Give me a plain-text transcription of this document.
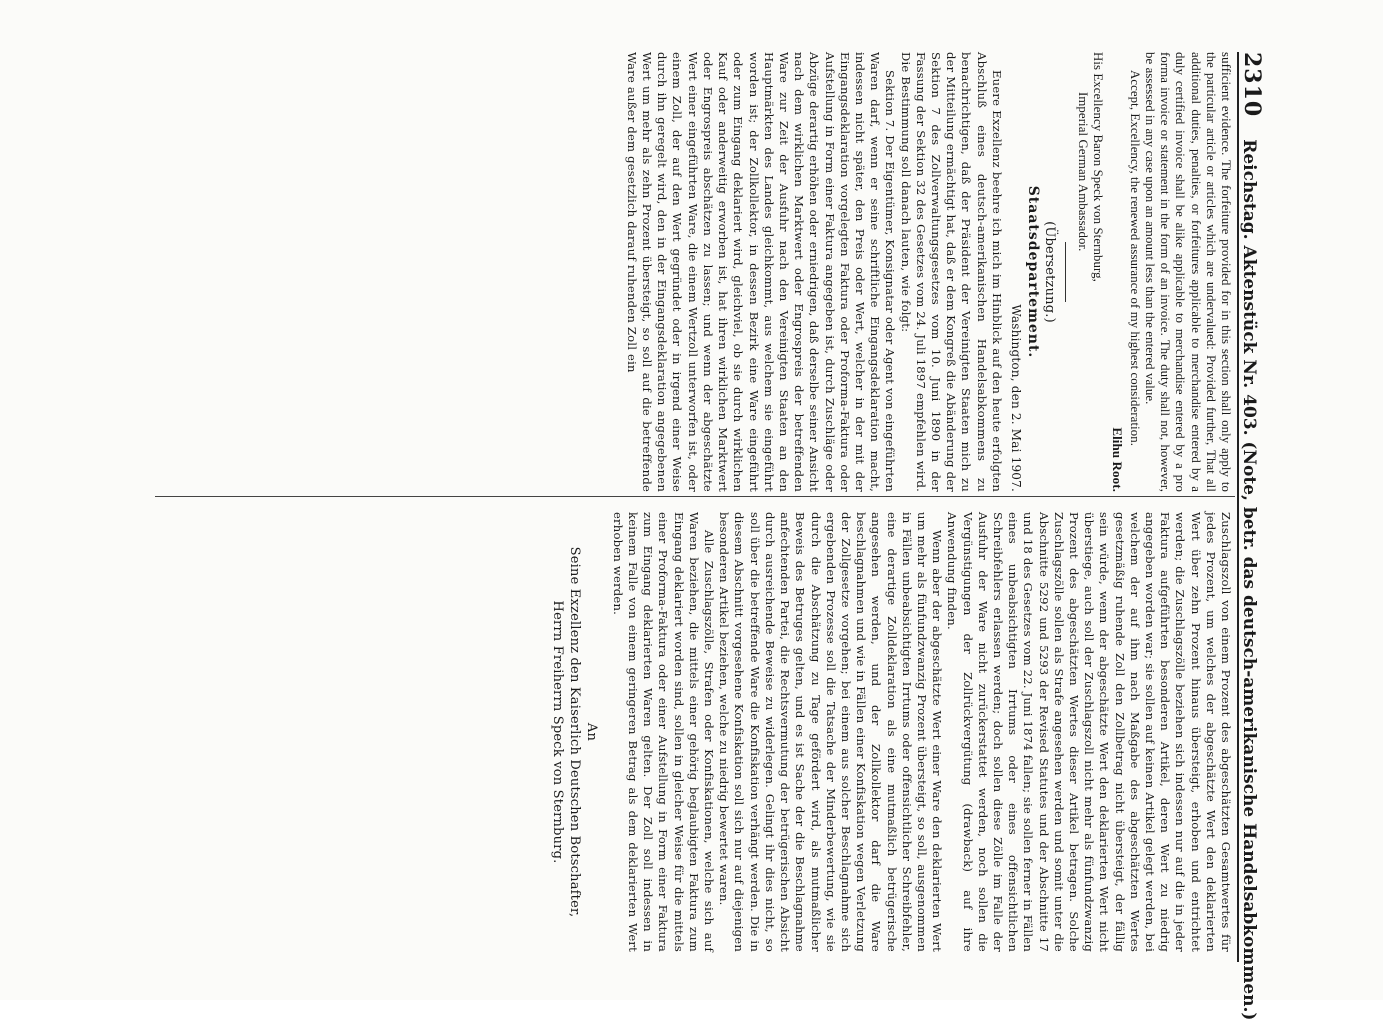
2310
Reichstag. Aktenstück Nr. 403. (Note, betr. das deutsch-amerikanische Handelsabkommen.)

sufficient evidence. The forfeiture provided for in this section shall only apply to the particular article or articles which are undervalued: Provided further, That all additional duties, penalties, or forfeitures applicable to merchandise entered by a duly certified invoice shall be alike applicable to merchandise entered by a pro forma invoice or statement in the form of an invoice. The duty shall not, however, be assessed in any case upon an amount less than the entered value.

Accept, Excellency, the renewed assurance of my highest consideration.

Elihu Root.
His Excellency Baron Speck von Sternburg,
Imperial German Ambassador.
(Übersetzung.)
Staatsdepartement.
Washington, den 2. Mai 1907.

Euere Exzellenz beehre ich mich im Hinblick auf den heute erfolgten Abschluß eines deutsch-amerikanischen Handelsabkommens zu benachrichtigen, daß der Präsident der Vereinigten Staaten mich zu der Mitteilung ermächtigt hat, daß er dem Kongreß die Abänderung der Sektion 7 des Zollverwaltungsgesetzes vom 10. Juni 1890 in der Fassung der Sektion 32 des Gesetzes vom 24. Juli 1897 empfehlen wird. Die Bestimmung soll danach lauten, wie folgt:

Sektion 7. Der Eigentümer, Konsignatar oder Agent von eingeführten Waren darf, wenn er seine schriftliche Eingangsdeklaration macht, indessen nicht später, den Preis oder Wert, welcher in der mit der Eingangsdeklaration vorgelegten Faktura oder Proforma-Faktura oder Aufstellung in Form einer Faktura angegeben ist, durch Zuschläge oder Abzüge derartig erhöhen oder erniedrigen, daß derselbe seiner Ansicht nach dem wirklichen Marktwert oder Engrospreis der betreffenden Ware zur Zeit der Ausfuhr nach den Vereinigten Staaten an den Hauptmärkten des Landes gleichkommt, aus welchem sie eingeführt worden ist; der Zollkollektor, in dessen Bezirk eine Ware eingeführt oder zum Eingang deklariert wird, gleichviel, ob sie durch wirklichen Kauf oder anderweitig erworben ist, hat ihren wirklichen Marktwert oder Engrospreis abschätzen zu lassen; und wenn der abgeschätzte Wert einer eingeführten Ware, die einem Wertzoll unterworfen ist, oder einem Zoll, der auf den Wert gegründet oder in irgend einer Weise durch ihn geregelt wird, den in der Eingangsdeklaration angegebenen Wert um mehr als zehn Prozent übersteigt, so soll auf die betreffende Ware außer dem gesetzlich darauf ruhenden Zoll ein

Zuschlagszoll von einem Prozent des abgeschätzten Gesamtwertes für jedes Prozent, um welches der abgeschätzte Wert den deklarierten Wert über zehn Prozent hinaus übersteigt, erhoben und entrichtet werden; die Zuschlagszölle beziehen sich indessen nur auf die in jeder Faktura aufgeführten besonderen Artikel, deren Wert zu niedrig angegeben worden war; sie sollen auf keinen Artikel gelegt werden, bei welchem der auf ihm nach Maßgabe des abgeschätzten Wertes gesetzmäßig ruhende Zoll den Zollbetrag nicht übersteigt, der fällig sein würde, wenn der abgeschätzte Wert den deklarierten Wert nicht überstiege, auch soll der Zuschlagszoll nicht mehr als fünfundzwanzig Prozent des abgeschätzten Wertes dieser Artikel betragen. Solche Zuschlagszölle sollen als Strafe angesehen werden und somit unter die Abschnitte 5292 und 5293 der Revised Statutes und der Abschnitte 17 und 18 des Gesetzes vom 22. Juni 1874 fallen; sie sollen ferner in Fällen eines unbeabsichtigten Irrtums oder eines offensichtlichen Schreibfehlers erlassen werden; doch sollen diese Zölle im Falle der Ausfuhr der Ware nicht zurückerstattet werden, noch sollen die Vergünstigungen der Zollrückvergütung (drawback) auf ihre Anwendung finden.

Wenn aber der abgeschätzte Wert einer Ware den deklarierten Wert um mehr als fünfundzwanzig Prozent übersteigt, so soll, ausgenommen in Fällen unbeabsichtigten Irrtums oder offensichtlicher Schreibfehler, eine derartige Zolldeklaration als eine mutmaßlich betrügerische angesehen werden, und der Zollkollektor darf die Ware beschlagnahmen und wie in Fällen einer Konfiskation wegen Verletzung der Zollgesetze vorgehen; bei einem aus solcher Beschlagnahme sich ergebenden Prozesse soll die Tatsache der Minderbewertung, wie sie durch die Abschätzung zu Tage gefördert wird, als mutmaßlicher Beweis des Betruges gelten, und es ist Sache der die Beschlagnahme anfechtenden Partei, die Rechtsvermutung der betrügerischen Absicht durch ausreichende Beweise zu widerlegen. Gelingt ihr dies nicht, so soll über die betreffende Ware die Konfiskation verhängt werden. Die in diesem Abschnitt vorgesehene Konfiskation soll sich nur auf diejenigen besonderen Artikel beziehen, welche zu niedrig bewertet waren.

Alle Zuschlagszölle, Strafen oder Konfiskationen, welche sich auf Waren beziehen, die mittels einer gehörig beglaubigten Faktura zum Eingang deklariert worden sind, sollen in gleicher Weise für die mittels einer Proforma-Faktura oder einer Aufstellung in Form einer Faktura zum Eingang deklarierten Waren gelten. Der Zoll soll indessen in keinem Falle von einem geringeren Betrag als dem deklarierten Wert erhoben werden.

An
Seine Exzellenz den Kaiserlich Deutschen Botschafter,
Herrn Freiherrn Speck von Sternburg.
